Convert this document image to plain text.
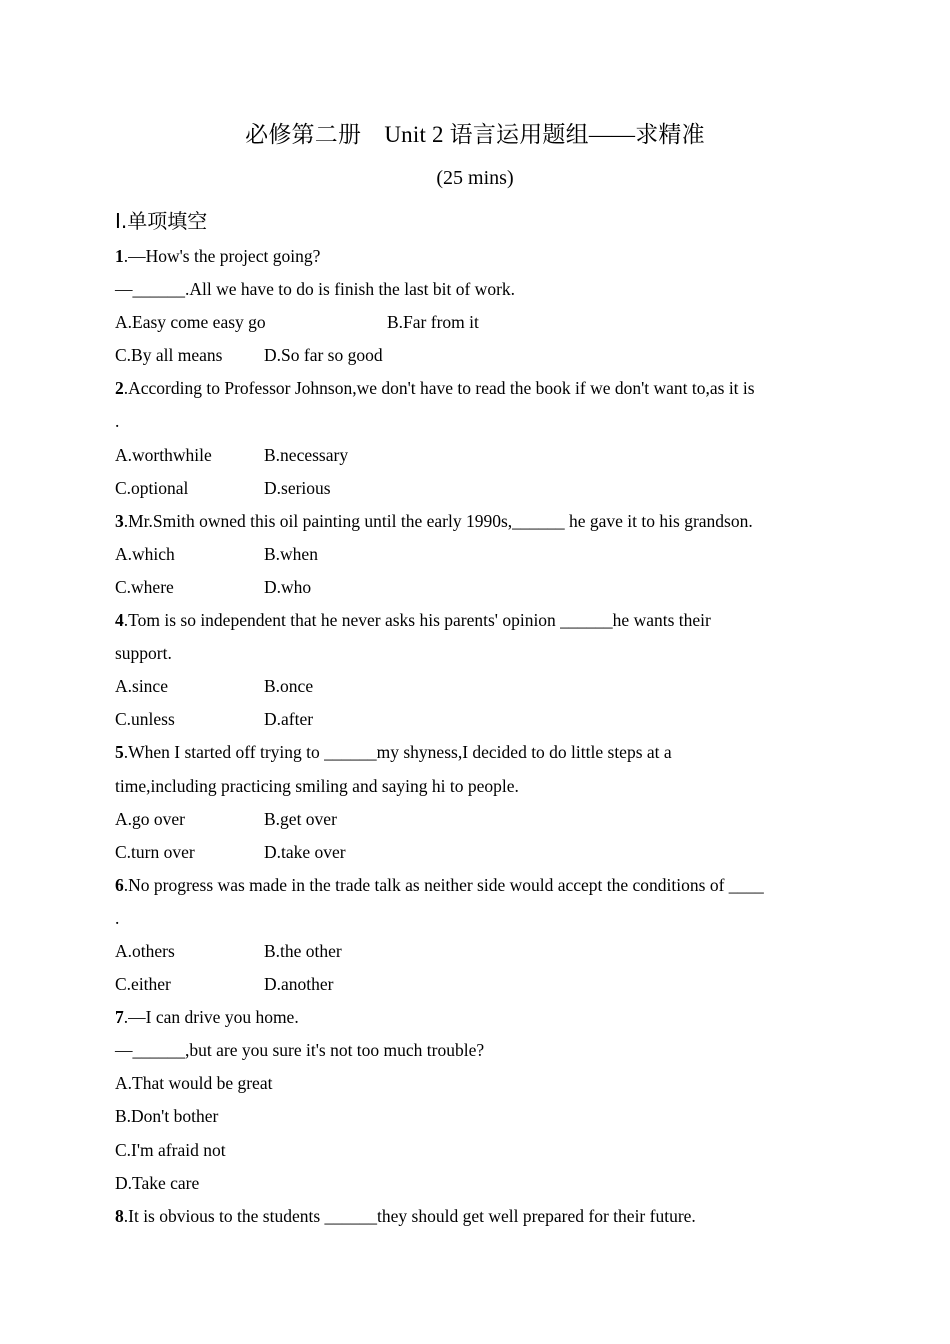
必修第二册　Unit 2 语言运用题组——求精准
(25 mins)
Ⅰ.单项填空
1.—How's the project going?
—______.All we have to do is finish the last bit of work.
A.Easy come easy go	B.Far from it
C.By all means D.So far so good
2.According to Professor Johnson,we don't have to read the book if we don't want to,as it is
.
A.worthwhile	B.necessary
C.optional	D.serious
3.Mr.Smith owned this oil painting until the early 1990s,______ he gave it to his grandson.
A.which	B.when
C.where	D.who
4.Tom is so independent that he never asks his parents' opinion ______he wants their
support.
A.since	B.once
C.unless	D.after
5.When I started off trying to ______my shyness,I decided to do little steps at a
time,including practicing smiling and saying hi to people.
A.go over	B.get over
C.turn over	D.take over
6.No progress was made in the trade talk as neither side would accept the conditions of ____
.
A.others	B.the other
C.either	D.another
7.—I can drive you home.
—______,but are you sure it's not too much trouble?
A.That would be great
B.Don't bother
C.I'm afraid not
D.Take care
8.It is obvious to the students ______they should get well prepared for their future.
